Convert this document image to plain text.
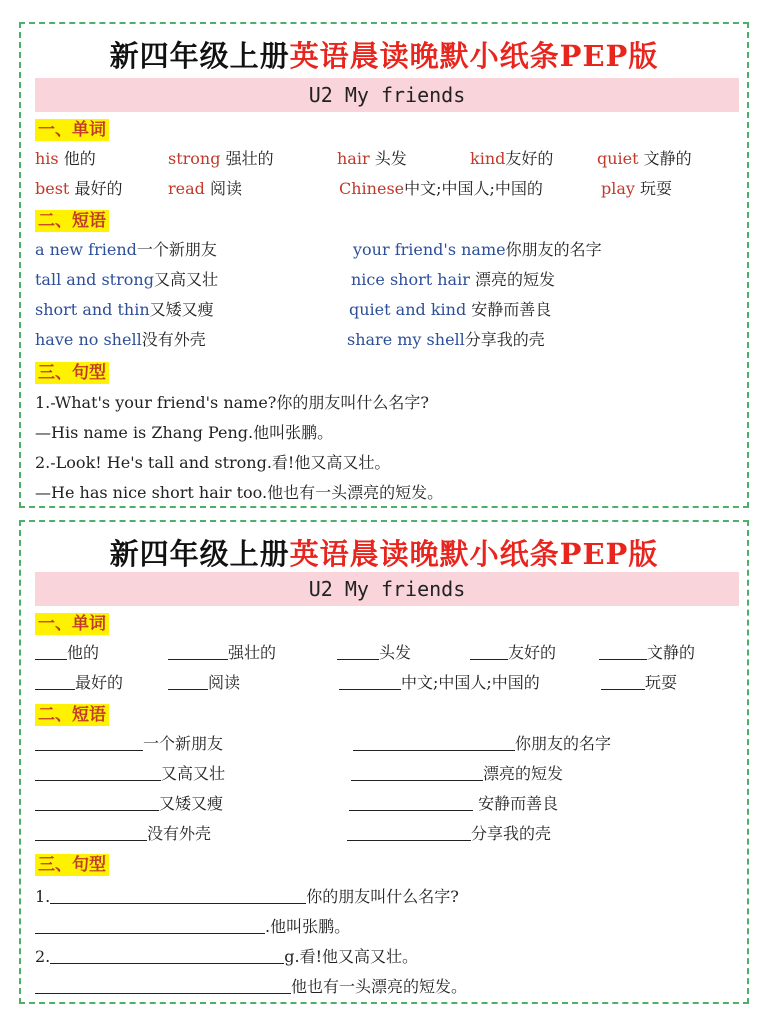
新四年级上册英语晨读晚默小纸条PEP版
U2 My friends
一、单词
his 他的	strong 强壮的	hair 头发	kind友好的	quiet 文静的
best 最好的	read 阅读	Chinese中文;中国人;中国的	play 玩耍
二、短语
a new friend一个新朋友	your friend's name你朋友的名字
tall and strong又高又壮	nice short hair 漂亮的短发
short and thin又矮又瘦	quiet and kind 安静而善良
have no shell没有外壳	share my shell分享我的壳
三、句型
1.-What's your friend's name?你的朋友叫什么名字?
—His name is Zhang Peng.他叫张鹏。
2.-Look! He's tall and strong.看!他又高又壮。
—He has nice short hair too.他也有一头漂亮的短发。
新四年级上册英语晨读晚默小纸条PEP版
U2 My friends
一、单词
他的	强壮的	头发	友好的	文静的
最好的	阅读	中文;中国人;中国的	玩耍
二、短语
一个新朋友	你朋友的名字
又高又壮	漂亮的短发
又矮又瘦	安静而善良
没有外壳	分享我的壳
三、句型
1.	你的朋友叫什么名字?
.他叫张鹏。
2.	g.看!他又高又壮。
他也有一头漂亮的短发。
